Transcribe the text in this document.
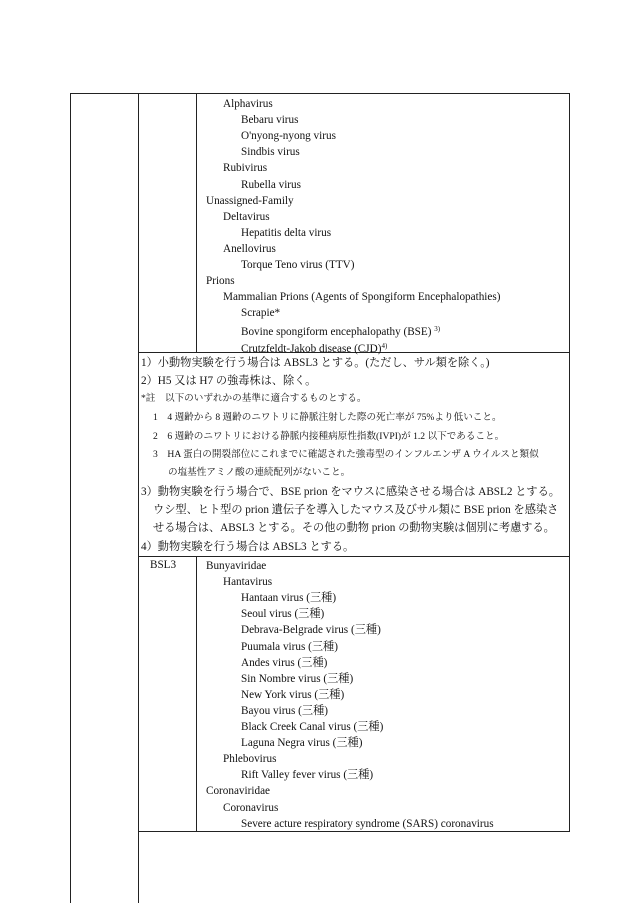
Alphavirus
Bebaru virus
O'nyong-nyong virus
Sindbis virus
Rubivirus
Rubella virus
Unassigned-Family
Deltavirus
Hepatitis delta virus
Anellovirus
Torque Teno virus (TTV)
Prions
Mammalian Prions (Agents of Spongiform Encephalopathies)
Scrapie*
Bovine spongiform encephalopathy (BSE) $^{3)}$
Crutzfeldt-Jakob disease (CJD)$^{4)}$
1）小動物実験を行う場合は ABSL3 とする。(ただし、サル類を除く。)
2）H5 又は H7 の強毒株は、除く。
*註　以下のいずれかの基準に適合するものとする。
1　4 週齢から 8 週齢のニワトリに静脈注射した際の死亡率が 75%より低いこと。
2　6 週齢のニワトリにおける静脈内接種病原性指数(IVPI)が 1.2 以下であること。
3　HA 蛋白の開裂部位にこれまでに確認された強毒型のインフルエンザ A ウイルスと類似
の塩基性アミノ酸の連続配列がないこと。
3）動物実験を行う場合で、BSE prion をマウスに感染させる場合は ABSL2 とする。
ウシ型、ヒト型の prion 遺伝子を導入したマウス及びサル類に BSE prion を感染さ
せる場合は、ABSL3 とする。その他の動物 prion の動物実験は個別に考慮する。
4）動物実験を行う場合は ABSL3 とする。
BSL3	Bunyaviridae
Hantavirus
Hantaan virus (三種)
Seoul virus (三種)
Debrava-Belgrade virus (三種)
Puumala virus (三種)
Andes virus (三種)
Sin Nombre virus (三種)
New York virus (三種)
Bayou virus (三種)
Black Creek Canal virus (三種)
Laguna Negra virus (三種)
Phlebovirus
Rift Valley fever virus (三種)
Coronaviridae
Coronavirus
Severe acture respiratory syndrome (SARS) coronavirus
